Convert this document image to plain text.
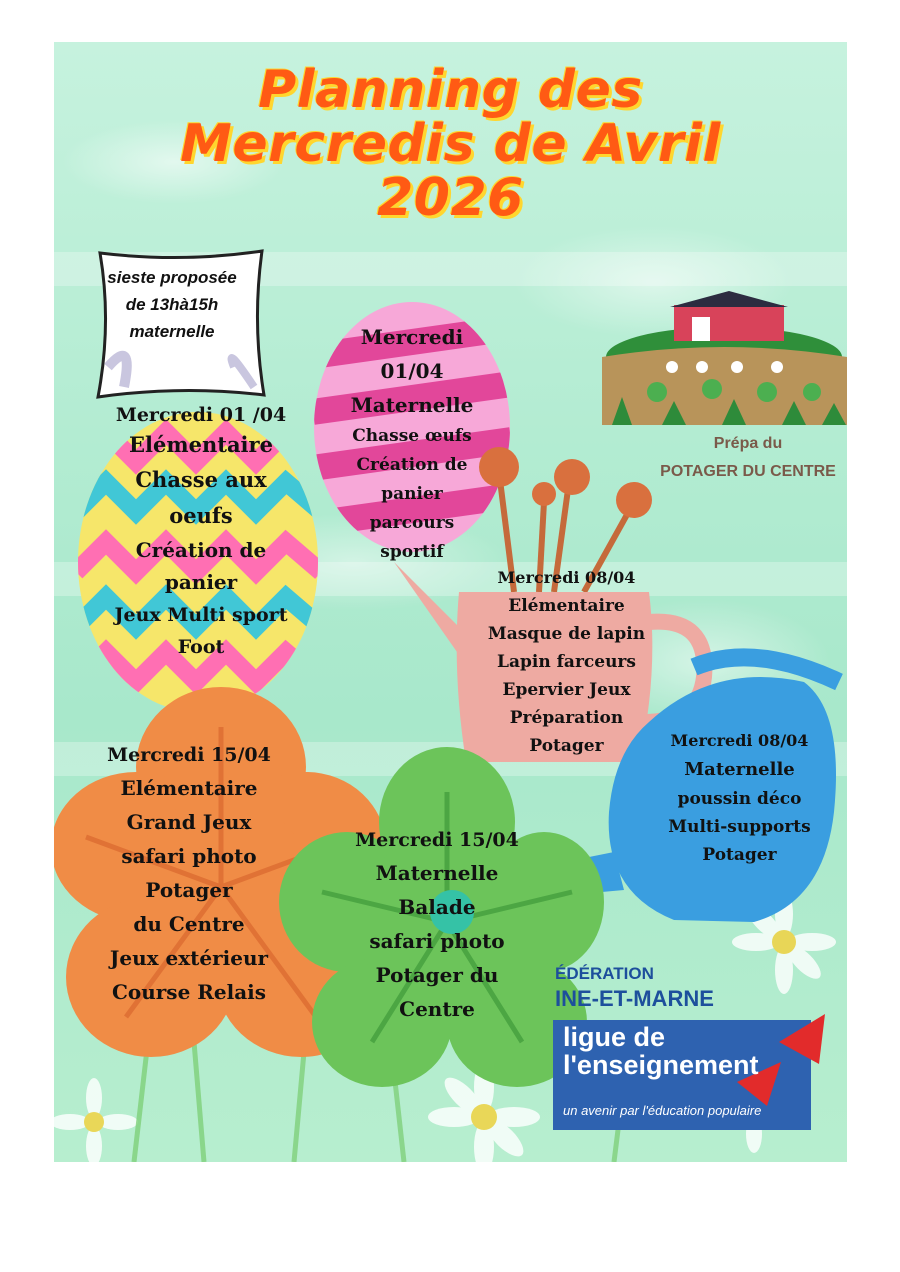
Planning des
Mercredis de Avril
2026
sieste proposée
de 13hà15h
maternelle
Prépa du
POTAGER DU CENTRE
Mercredi 01 /04
Elémentaire
Chasse aux
oeufs
Création de
panier
Jeux Multi sport
Foot
Mercredi
01/04
Maternelle
Chasse œufs
Création de
panier
parcours
sportif
Mercredi 08/04
Elémentaire
Masque de lapin
Lapin farceurs
Epervier Jeux
Préparation
Potager	Mercredi 08/04
Maternelle
poussin déco
Multi-supports
Potager
Mercredi 15/04
Elémentaire
Grand Jeux
safari photo
Potager
du Centre
Jeux extérieur
Course Relais
Mercredi 15/04
Maternelle
Balade
safari photo
Potager du
Centre
ÉDÉRATION
INE-ET-MARNE
ligue de
l'enseignement
un avenir par l'éducation populaire
